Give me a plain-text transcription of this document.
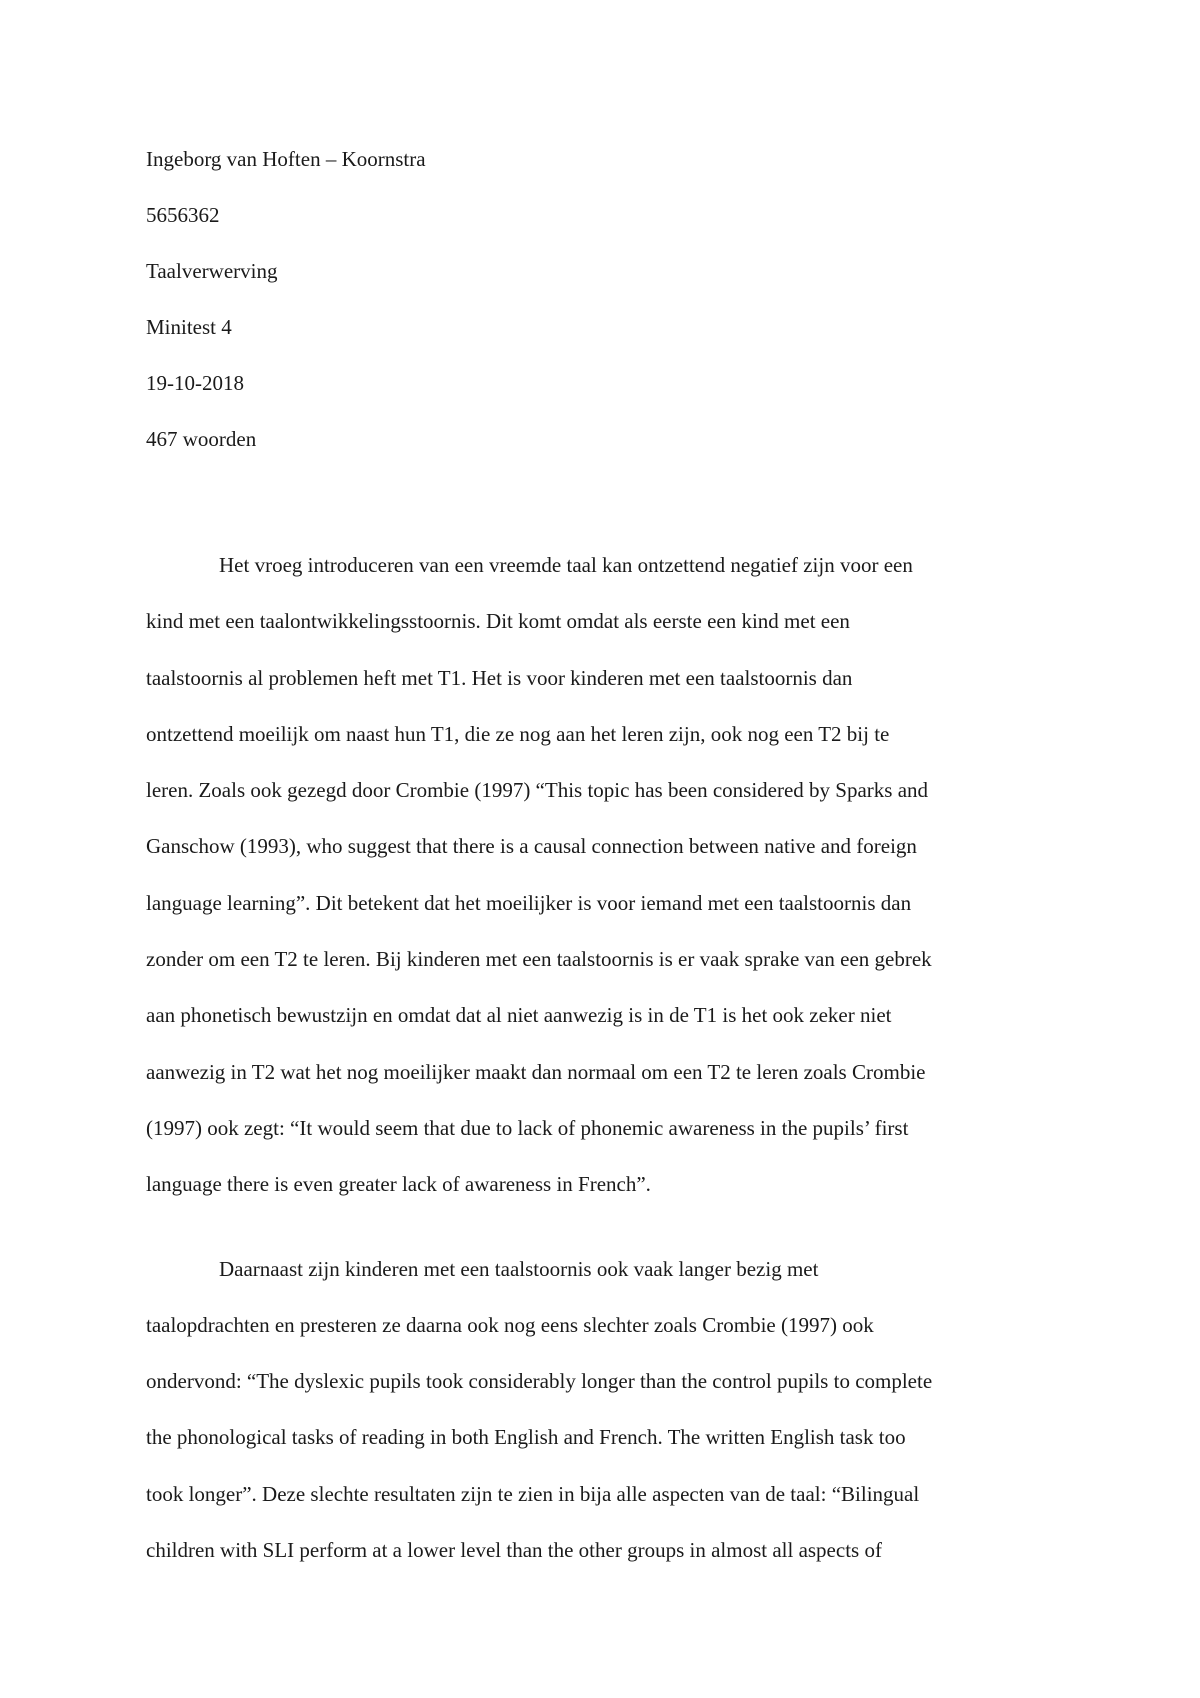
Ingeborg van Hoften – Koornstra
5656362
Taalverwerving
Minitest 4
19-10-2018
467 woorden
Het vroeg introduceren van een vreemde taal kan ontzettend negatief zijn voor een
kind met een taalontwikkelingsstoornis. Dit komt omdat als eerste een kind met een
taalstoornis al problemen heft met T1. Het is voor kinderen met een taalstoornis dan
ontzettend moeilijk om naast hun T1, die ze nog aan het leren zijn, ook nog een T2 bij te
leren. Zoals ook gezegd door Crombie (1997) “This topic has been considered by Sparks and
Ganschow (1993), who suggest that there is a causal connection between native and foreign
language learning”. Dit betekent dat het moeilijker is voor iemand met een taalstoornis dan
zonder om een T2 te leren. Bij kinderen met een taalstoornis is er vaak sprake van een gebrek
aan phonetisch bewustzijn en omdat dat al niet aanwezig is in de T1 is het ook zeker niet
aanwezig in T2 wat het nog moeilijker maakt dan normaal om een T2 te leren zoals Crombie
(1997) ook zegt: “It would seem that due to lack of phonemic awareness in the pupils’ first
language there is even greater lack of awareness in French”.
Daarnaast zijn kinderen met een taalstoornis ook vaak langer bezig met
taalopdrachten en presteren ze daarna ook nog eens slechter zoals Crombie (1997) ook
ondervond: “The dyslexic pupils took considerably longer than the control pupils to complete
the phonological tasks of reading in both English and French. The written English task too
took longer”. Deze slechte resultaten zijn te zien in bija alle aspecten van de taal: “Bilingual
children with SLI perform at a lower level than the other groups in almost all aspects of
